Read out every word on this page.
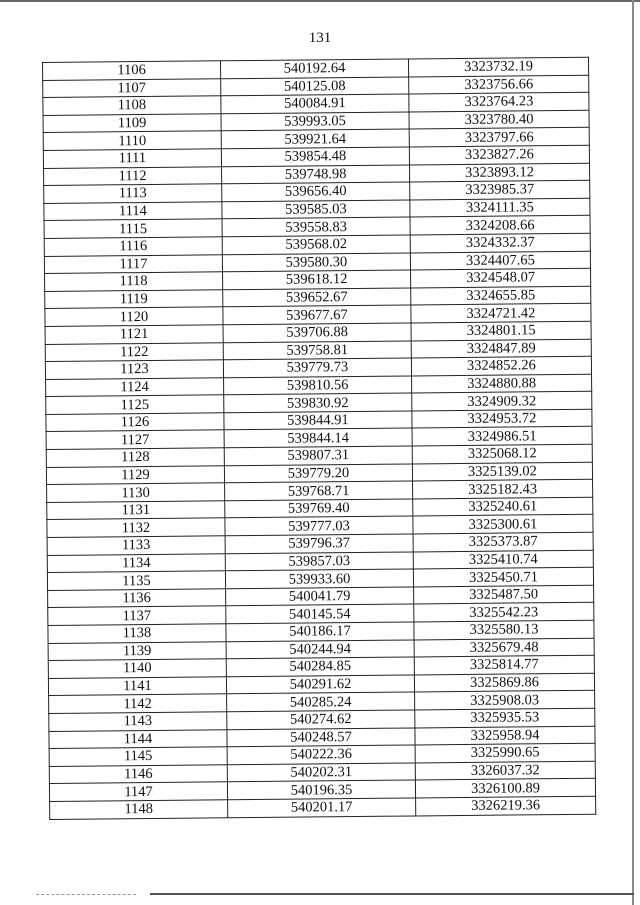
131
1106	540192.64	3323732.19
1107	540125.08	3323756.66
1108	540084.91	3323764.23
1109	539993.05	3323780.40
1110	539921.64	3323797.66
1111	539854.48	3323827.26
1112	539748.98	3323893.12
1113	539656.40	3323985.37
1114	539585.03	3324111.35
1115	539558.83	3324208.66
1116	539568.02	3324332.37
1117	539580.30	3324407.65
1118	539618.12	3324548.07
1119	539652.67	3324655.85
1120	539677.67	3324721.42
1121	539706.88	3324801.15
1122	539758.81	3324847.89
1123	539779.73	3324852.26
1124	539810.56	3324880.88
1125	539830.92	3324909.32
1126	539844.91	3324953.72
1127	539844.14	3324986.51
1128	539807.31	3325068.12
1129	539779.20	3325139.02
1130	539768.71	3325182.43
1131	539769.40	3325240.61
1132	539777.03	3325300.61
1133	539796.37	3325373.87
1134	539857.03	3325410.74
1135	539933.60	3325450.71
1136	540041.79	3325487.50
1137	540145.54	3325542.23
1138	540186.17	3325580.13
1139	540244.94	3325679.48
1140	540284.85	3325814.77
1141	540291.62	3325869.86
1142	540285.24	3325908.03
1143	540274.62	3325935.53
1144	540248.57	3325958.94
1145	540222.36	3325990.65
1146	540202.31	3326037.32
1147	540196.35	3326100.89
1148	540201.17	3326219.36
